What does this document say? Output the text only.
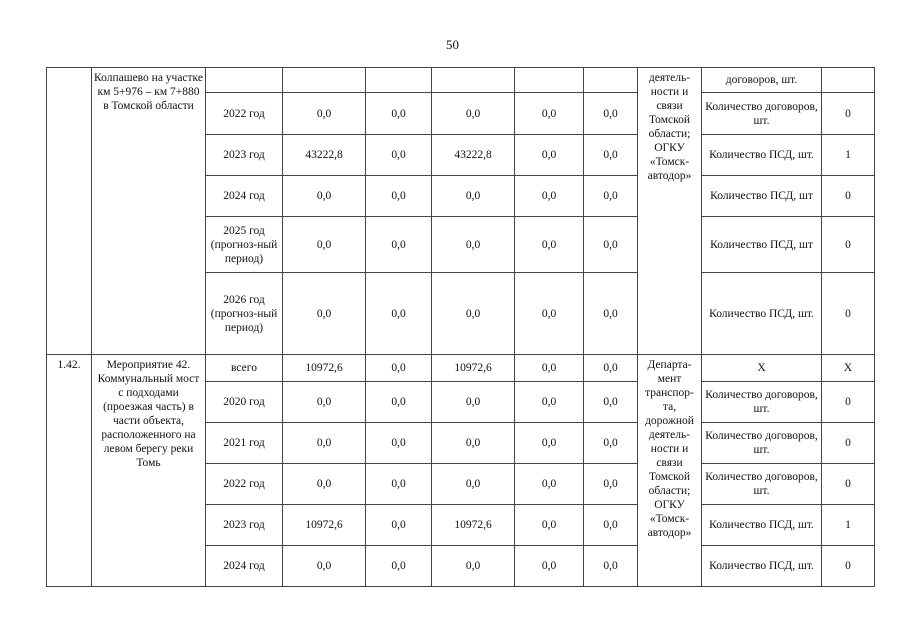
50
	Колпашево на участке км 5+976 – км 7+880 в Томской области							деятель-ности и связи Томской области; ОГКУ «Томск-автодор»	договоров, шт.	
		2022 год	0,0	0,0	0,0	0,0	0,0		Количество договоров, шт.	0
		2023 год	43222,8	0,0	43222,8	0,0	0,0		Количество ПСД, шт.	1
		2024 год	0,0	0,0	0,0	0,0	0,0		Количество ПСД, шт	0
		2025 год (прогноз-ный период)	0,0	0,0	0,0	0,0	0,0		Количество ПСД, шт	0
		2026 год (прогноз-ный период)	0,0	0,0	0,0	0,0	0,0		Количество ПСД, шт.	0
1.42.	Мероприятие 42. Коммунальный мост с подходами (проезжая часть) в части объекта, расположенного на левом берегу реки Томь	всего	10972,6	0,0	10972,6	0,0	0,0	Департа-мент транспор-та, дорожной деятель-ности и связи Томской области; ОГКУ «Томск-автодор»	Х	Х
		2020 год	0,0	0,0	0,0	0,0	0,0		Количество договоров, шт.	0
		2021 год	0,0	0,0	0,0	0,0	0,0		Количество договоров, шт.	0
		2022 год	0,0	0,0	0,0	0,0	0,0		Количество договоров, шт.	0
		2023 год	10972,6	0,0	10972,6	0,0	0,0		Количество ПСД, шт.	1
		2024 год	0,0	0,0	0,0	0,0	0,0		Количество ПСД, шт.	0
